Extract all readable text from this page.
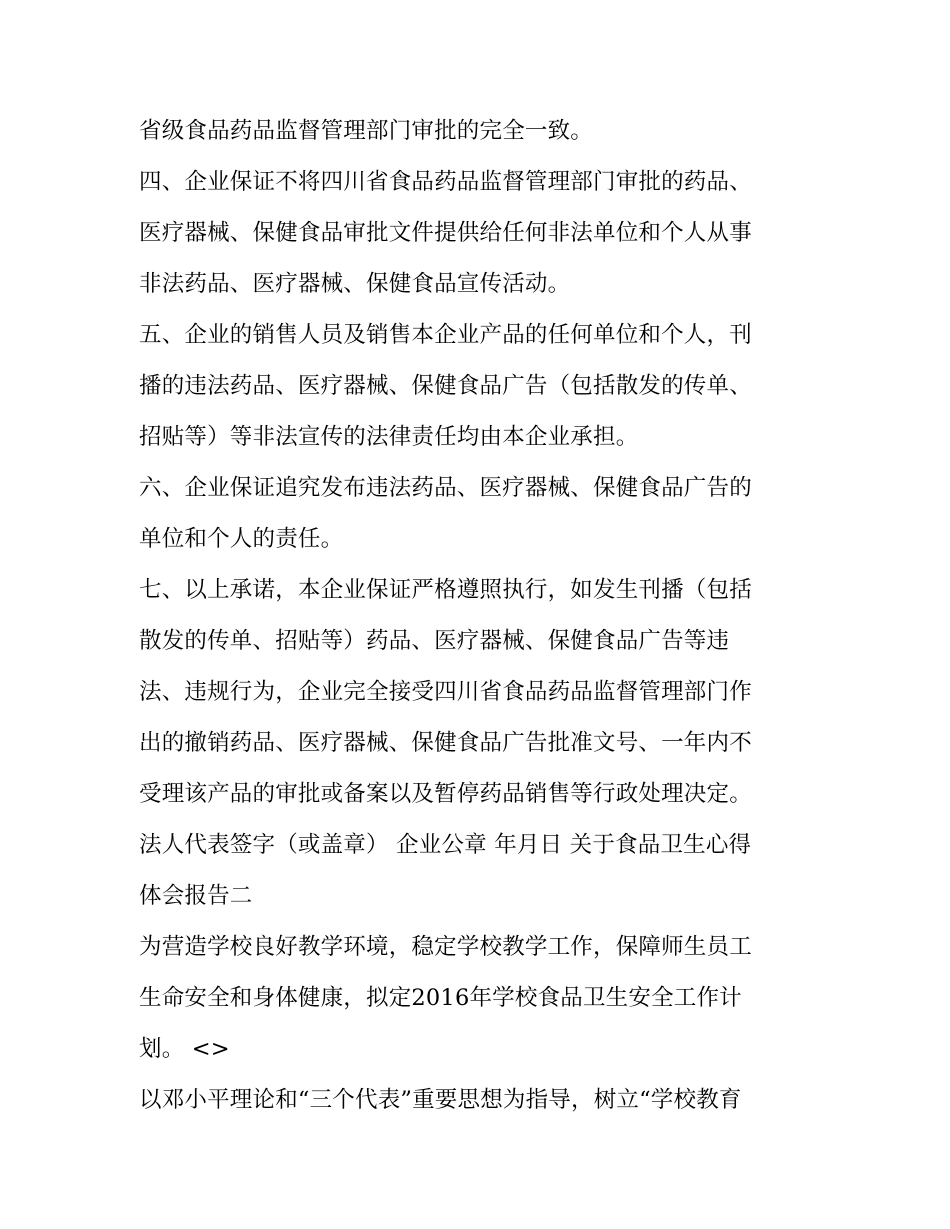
省级食品药品监督管理部门审批的完全一致。
四、企业保证不将四川省食品药品监督管理部门审批的药品、
医疗器械、保健食品审批文件提供给任何非法单位和个人从事
非法药品、医疗器械、保健食品宣传活动。
五、企业的销售人员及销售本企业产品的任何单位和个人，刊
播的违法药品、医疗器械、保健食品广告（包括散发的传单、
招贴等）等非法宣传的法律责任均由本企业承担。
六、企业保证追究发布违法药品、医疗器械、保健食品广告的
单位和个人的责任。
七、以上承诺，本企业保证严格遵照执行，如发生刊播（包括
散发的传单、招贴等）药品、医疗器械、保健食品广告等违
法、违规行为，企业完全接受四川省食品药品监督管理部门作
出的撤销药品、医疗器械、保健食品广告批准文号、一年内不
受理该产品的审批或备案以及暂停药品销售等行政处理决定。
法人代表签字（或盖章） 企业公章 年月日 关于食品卫生心得
体会报告二
为营造学校良好教学环境，稳定学校教学工作，保障师生员工
生命安全和身体健康，拟定2016年学校食品卫生安全工作计
划。 <>
以邓小平理论和“三个代表”重要思想为指导，树立“学校教育
